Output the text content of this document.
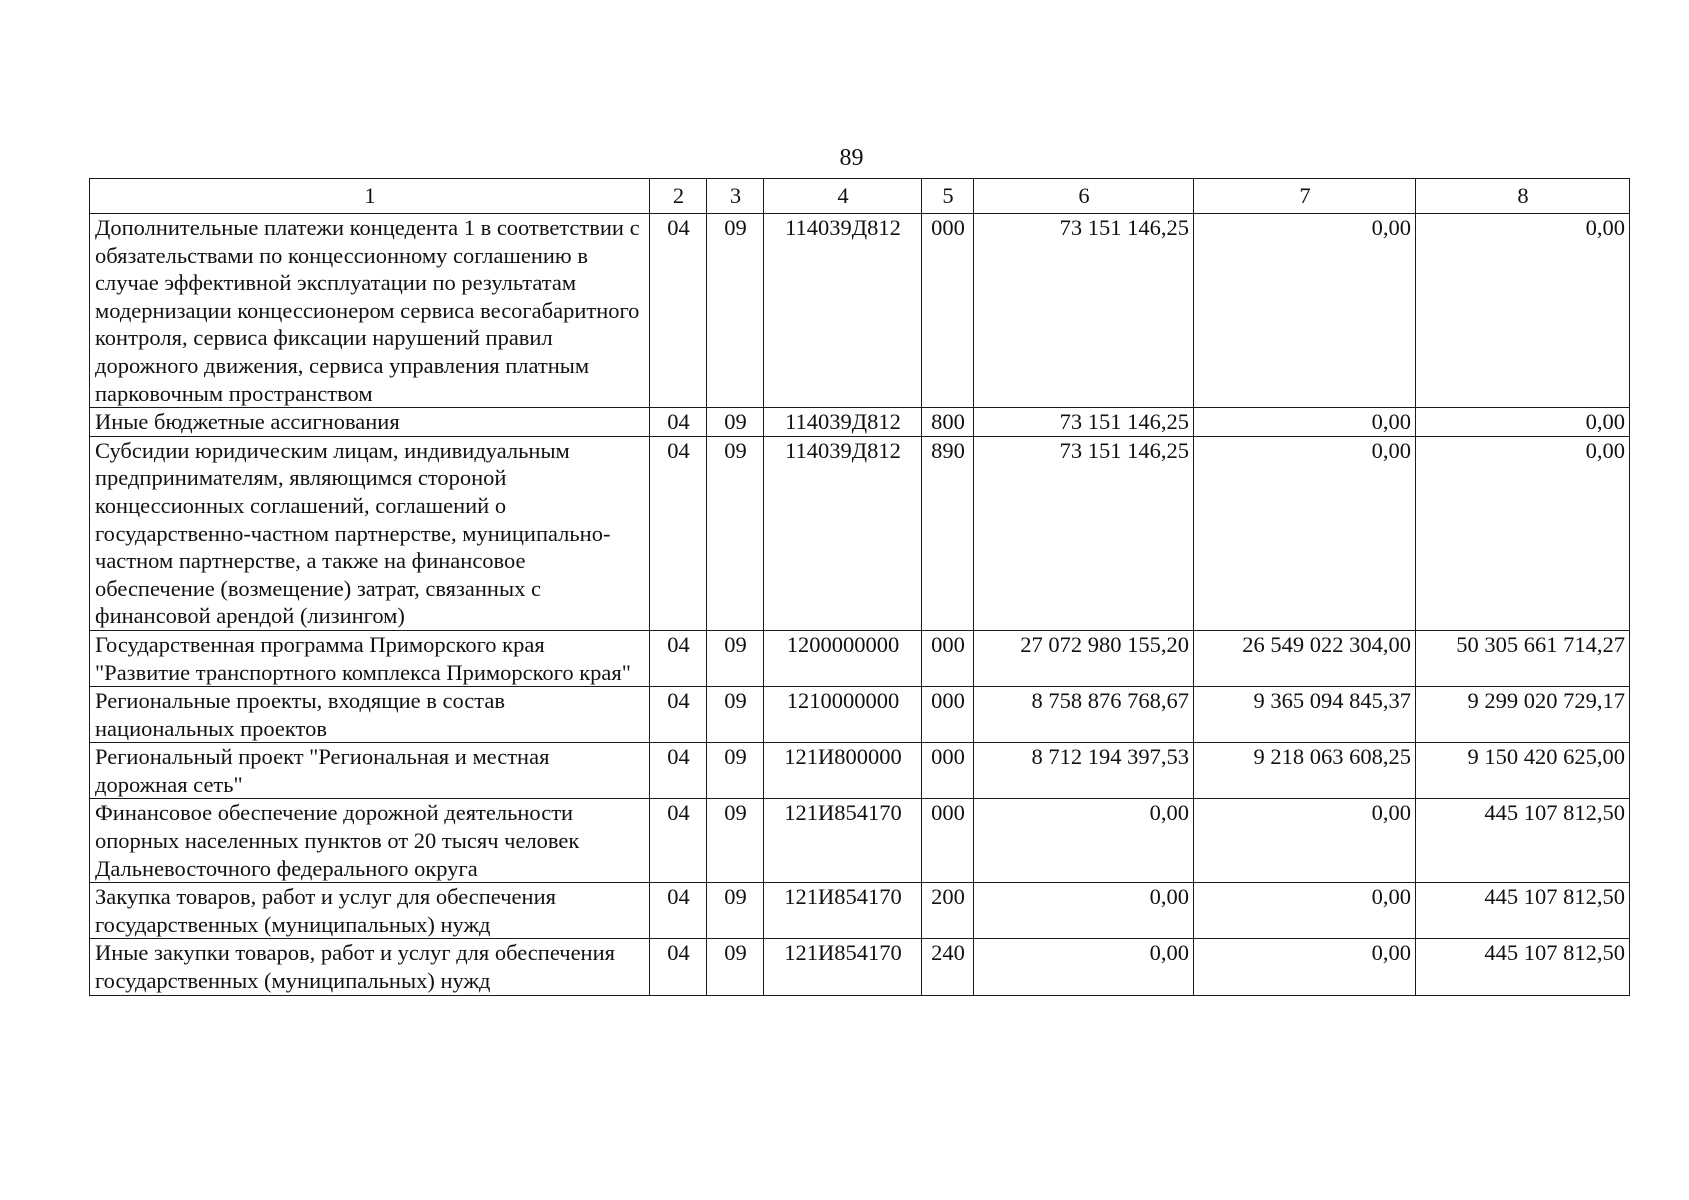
89
1	2	3	4	5	6	7	8
Дополнительные платежи концедента 1 в соответствии с обязательствами по концессионному соглашению в случае эффективной эксплуатации по результатам модернизации концессионером сервиса весогабаритного контроля, сервиса фиксации нарушений правил дорожного движения, сервиса управления платным парковочным пространством	04	09	114039Д812	000	73 151 146,25	0,00	0,00
Иные бюджетные ассигнования	04	09	114039Д812	800	73 151 146,25	0,00	0,00
Субсидии юридическим лицам, индивидуальным предпринимателям, являющимся стороной концессионных соглашений, соглашений о государственно-частном партнерстве, муниципально-частном партнерстве, а также на финансовое обеспечение (возмещение) затрат, связанных с финансовой арендой (лизингом)	04	09	114039Д812	890	73 151 146,25	0,00	0,00
Государственная программа Приморского края "Развитие транспортного комплекса Приморского края"	04	09	1200000000	000	27 072 980 155,20	26 549 022 304,00	50 305 661 714,27
Региональные проекты, входящие в состав национальных проектов	04	09	1210000000	000	8 758 876 768,67	9 365 094 845,37	9 299 020 729,17
Региональный проект "Региональная и местная дорожная сеть"	04	09	121И800000	000	8 712 194 397,53	9 218 063 608,25	9 150 420 625,00
Финансовое обеспечение дорожной деятельности опорных населенных пунктов от 20 тысяч человек Дальневосточного федерального округа	04	09	121И854170	000	0,00	0,00	445 107 812,50
Закупка товаров, работ и услуг для обеспечения государственных (муниципальных) нужд	04	09	121И854170	200	0,00	0,00	445 107 812,50
Иные закупки товаров, работ и услуг для обеспечения государственных (муниципальных) нужд	04	09	121И854170	240	0,00	0,00	445 107 812,50
